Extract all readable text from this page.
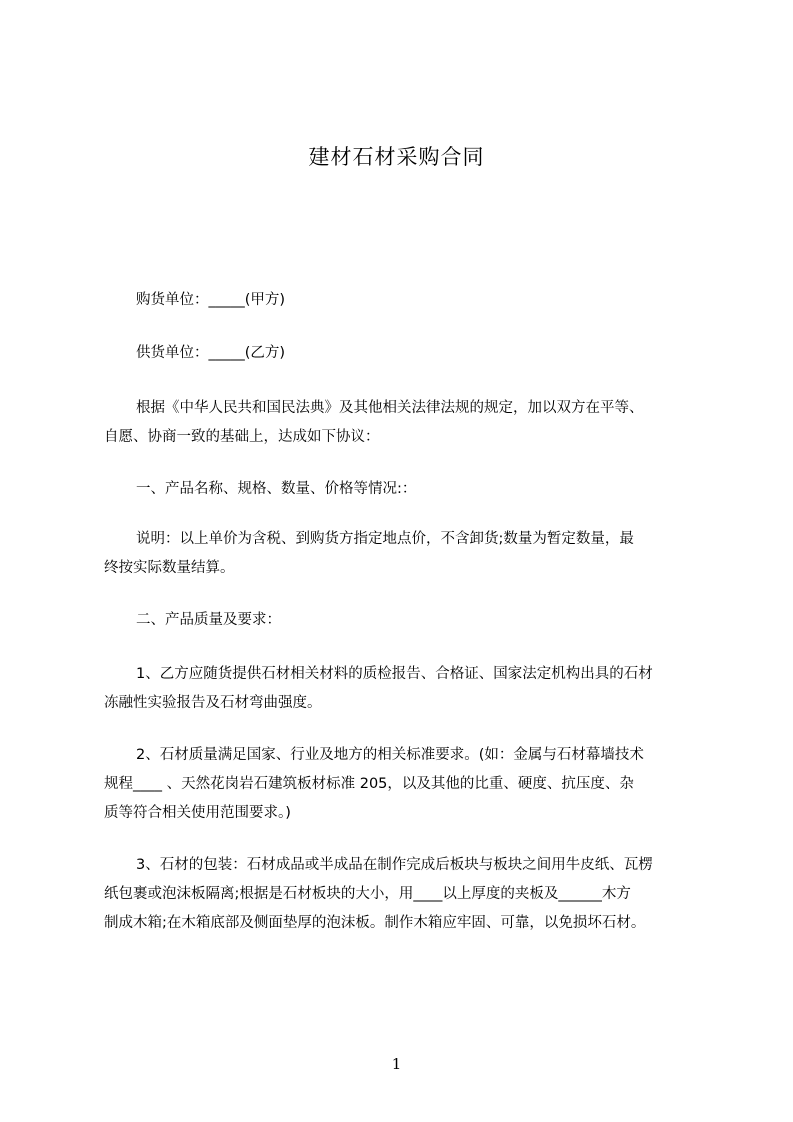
建材石材采购合同
购货单位：_____(甲方)
供货单位：_____(乙方)
根据《中华人民共和国民法典》及其他相关法律法规的规定，加以双方在平等、
自愿、协商一致的基础上，达成如下协议：
一、产品名称、规格、数量、价格等情况:：
说明：以上单价为含税、到购货方指定地点价，不含卸货;数量为暂定数量，最
终按实际数量结算。
二、产品质量及要求：
1、乙方应随货提供石材相关材料的质检报告、合格证、国家法定机构出具的石材
冻融性实验报告及石材弯曲强度。
2、石材质量满足国家、行业及地方的相关标准要求。(如：金属与石材幕墙技术
规程____ 、天然花岗岩石建筑板材标准 205，以及其他的比重、硬度、抗压度、杂
质等符合相关使用范围要求。)
3、石材的包装：石材成品或半成品在制作完成后板块与板块之间用牛皮纸、瓦楞
纸包裹或泡沫板隔离;根据是石材板块的大小，用____以上厚度的夹板及______木方
制成木箱;在木箱底部及侧面垫厚的泡沫板。制作木箱应牢固、可靠，以免损坏石材。
1
